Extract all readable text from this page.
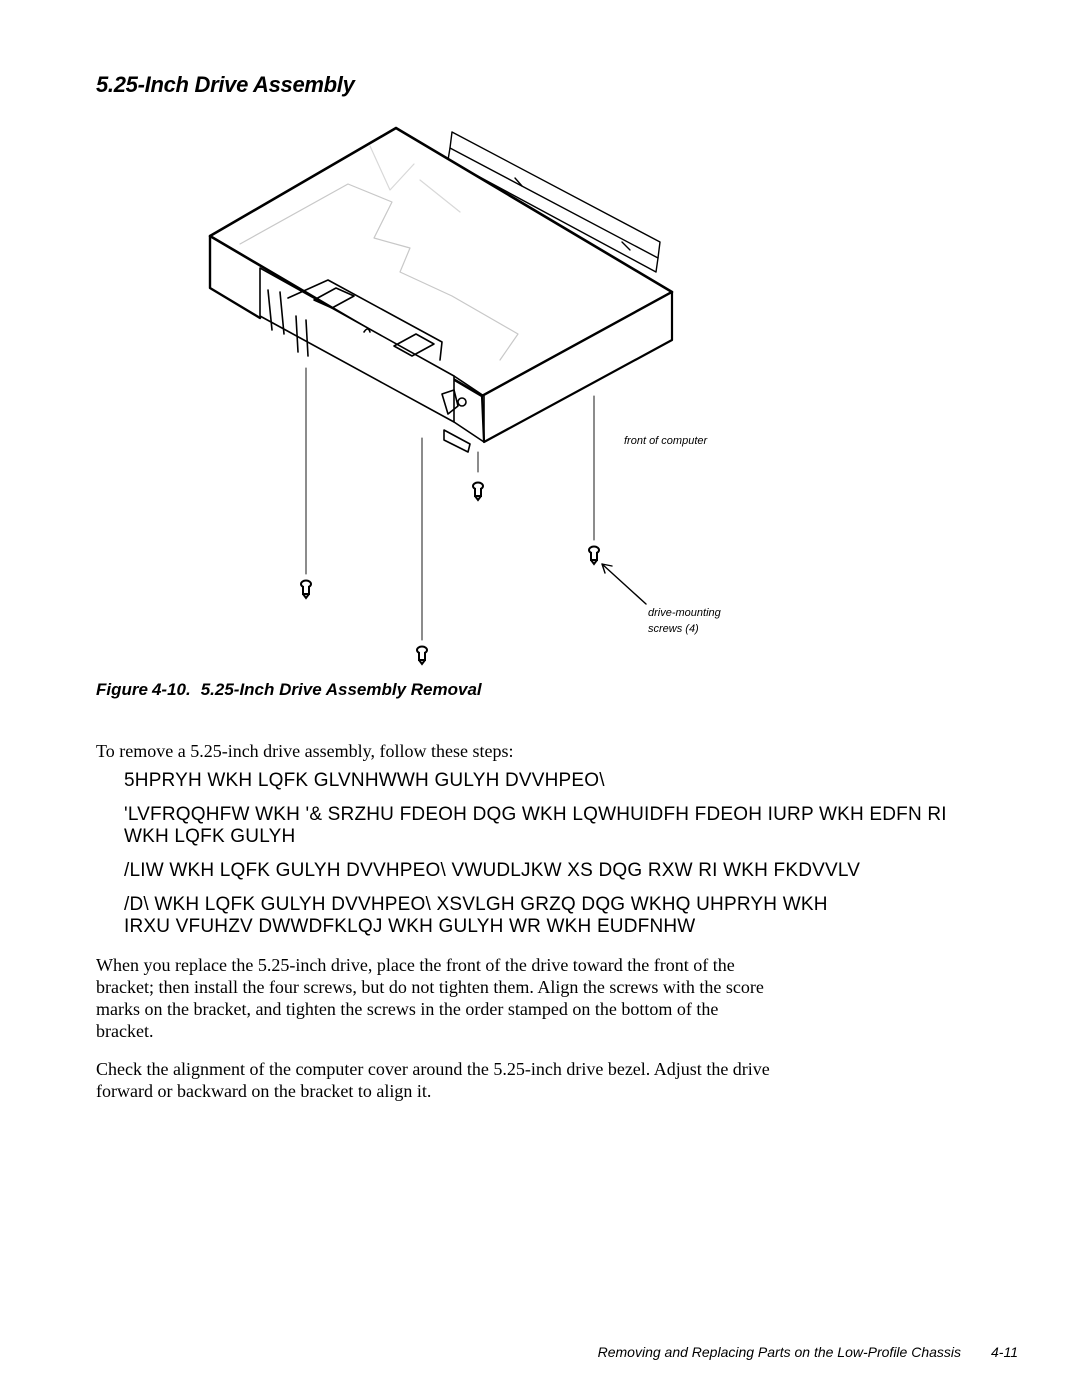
5.25-Inch Drive Assembly
front of computer
drive-mounting
screws (4)

Figure 4-10. 5.25-Inch Drive Assembly Removal

To remove a 5.25-inch drive assembly, follow these steps:

5HPRYH WKH LQFK GLVNHWWH GULYH DVVHPEO\
'LVFRQQHFW WKH '& SRZHU FDEOH DQG WKH LQWHUIDFH FDEOH IURP WKH EDFN RI
WKH LQFK GULYH
/LIW WKH LQFK GULYH DVVHPEO\ VWUDLJKW XS DQG RXW RI WKH FKDVVLV
/D\ WKH LQFK GULYH DVVHPEO\ XSVLGH GRZQ DQG WKHQ UHPRYH WKH
IRXU VFUHZV DWWDFKLQJ WKH GULYH WR WKH EUDFNHW

When you replace the 5.25-inch drive, place the front of the drive toward the front of the bracket; then install the four screws, but do not tighten them. Align the screws with the score marks on the bracket, and tighten the screws in the order stamped on the bottom of the bracket.

Check the alignment of the computer cover around the 5.25-inch drive bezel. Adjust the drive forward or backward on the bracket to align it.

Removing and Replacing Parts on the Low-Profile Chassis 4-11
